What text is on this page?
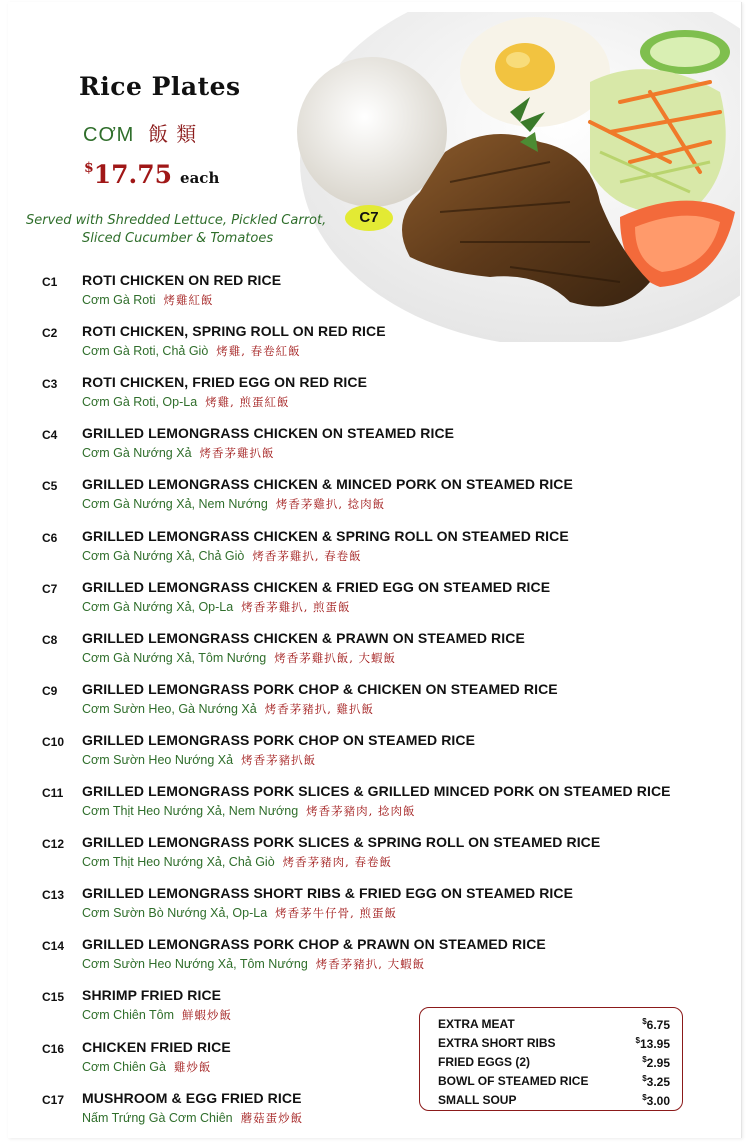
Rice Plates
CƠM 飯類
$17.75 each
Served with Shredded Lettuce, Pickled Carrot,
Sliced Cucumber & Tomatoes
C7
C1 ROTI CHICKEN ON RED RICE
Cơm Gà Roti 烤雞紅飯
C2 ROTI CHICKEN, SPRING ROLL ON RED RICE
Cơm Gà Roti, Chả Giò 烤雞, 春卷紅飯
C3 ROTI CHICKEN, FRIED EGG ON RED RICE
Cơm Gà Roti, Op-La 烤雞, 煎蛋紅飯
C4 GRILLED LEMONGRASS CHICKEN ON STEAMED RICE
Cơm Gà Nướng Xả 烤香茅雞扒飯
C5 GRILLED LEMONGRASS CHICKEN & MINCED PORK ON STEAMED RICE
Cơm Gà Nướng Xả, Nem Nướng 烤香茅雞扒, 捻肉飯
C6 GRILLED LEMONGRASS CHICKEN & SPRING ROLL ON STEAMED RICE
Cơm Gà Nướng Xả, Chả Giò 烤香茅雞扒, 春卷飯
C7 GRILLED LEMONGRASS CHICKEN & FRIED EGG ON STEAMED RICE
Cơm Gà Nướng Xả, Op-La 烤香茅雞扒, 煎蛋飯
C8 GRILLED LEMONGRASS CHICKEN & PRAWN ON STEAMED RICE
Cơm Gà Nướng Xả, Tôm Nướng 烤香茅雞扒飯, 大蝦飯
C9 GRILLED LEMONGRASS PORK CHOP & CHICKEN ON STEAMED RICE
Cơm Sườn Heo, Gà Nướng Xả 烤香茅豬扒, 雞扒飯
C10 GRILLED LEMONGRASS PORK CHOP ON STEAMED RICE
Cơm Sườn Heo Nướng Xả 烤香茅豬扒飯
C11 GRILLED LEMONGRASS PORK SLICES & GRILLED MINCED PORK ON STEAMED RICE
Cơm Thịt Heo Nướng Xả, Nem Nướng 烤香茅豬肉, 捻肉飯
C12 GRILLED LEMONGRASS PORK SLICES & SPRING ROLL ON STEAMED RICE
Cơm Thịt Heo Nướng Xả, Chả Giò 烤香茅豬肉, 春卷飯
C13 GRILLED LEMONGRASS SHORT RIBS & FRIED EGG ON STEAMED RICE
Cơm Sườn Bò Nướng Xả, Op-La 烤香茅牛仔骨, 煎蛋飯
C14 GRILLED LEMONGRASS PORK CHOP & PRAWN ON STEAMED RICE
Cơm Sườn Heo Nướng Xả, Tôm Nướng 烤香茅豬扒, 大蝦飯
C15 SHRIMP FRIED RICE
Cơm Chiên Tôm 鮮蝦炒飯
C16 CHICKEN FRIED RICE
Cơm Chiên Gà 雞炒飯
C17 MUSHROOM & EGG FRIED RICE
Nấm Trứng Gà Cơm Chiên 蘑菇蛋炒飯
EXTRA MEAT	$6.75
EXTRA SHORT RIBS	$13.95
FRIED EGGS (2)	$2.95
BOWL OF STEAMED RICE	$3.25
SMALL SOUP	$3.00
